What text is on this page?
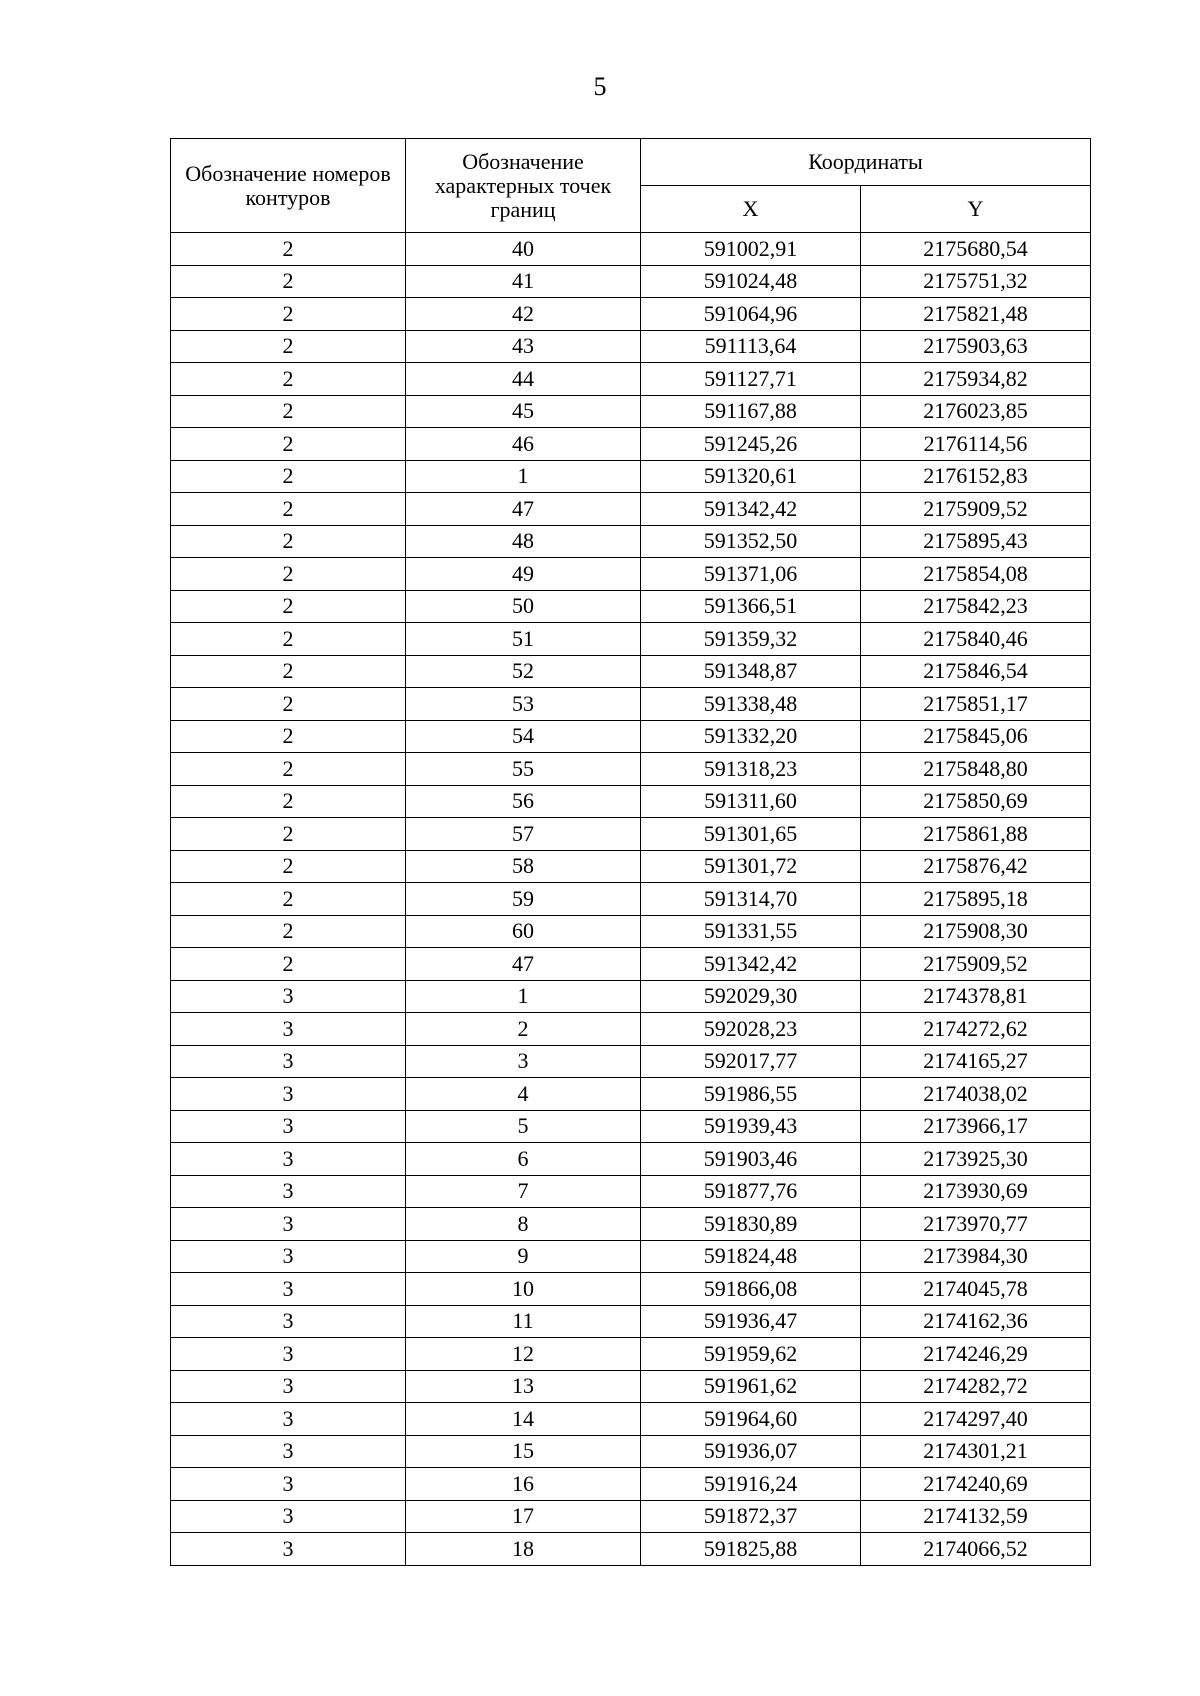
5
Обозначение номеров контуров	Обозначение характерных точек границ	Координаты	
		X	Y
2	40	591002,91	2175680,54
2	41	591024,48	2175751,32
2	42	591064,96	2175821,48
2	43	591113,64	2175903,63
2	44	591127,71	2175934,82
2	45	591167,88	2176023,85
2	46	591245,26	2176114,56
2	1	591320,61	2176152,83
2	47	591342,42	2175909,52
2	48	591352,50	2175895,43
2	49	591371,06	2175854,08
2	50	591366,51	2175842,23
2	51	591359,32	2175840,46
2	52	591348,87	2175846,54
2	53	591338,48	2175851,17
2	54	591332,20	2175845,06
2	55	591318,23	2175848,80
2	56	591311,60	2175850,69
2	57	591301,65	2175861,88
2	58	591301,72	2175876,42
2	59	591314,70	2175895,18
2	60	591331,55	2175908,30
2	47	591342,42	2175909,52
3	1	592029,30	2174378,81
3	2	592028,23	2174272,62
3	3	592017,77	2174165,27
3	4	591986,55	2174038,02
3	5	591939,43	2173966,17
3	6	591903,46	2173925,30
3	7	591877,76	2173930,69
3	8	591830,89	2173970,77
3	9	591824,48	2173984,30
3	10	591866,08	2174045,78
3	11	591936,47	2174162,36
3	12	591959,62	2174246,29
3	13	591961,62	2174282,72
3	14	591964,60	2174297,40
3	15	591936,07	2174301,21
3	16	591916,24	2174240,69
3	17	591872,37	2174132,59
3	18	591825,88	2174066,52
